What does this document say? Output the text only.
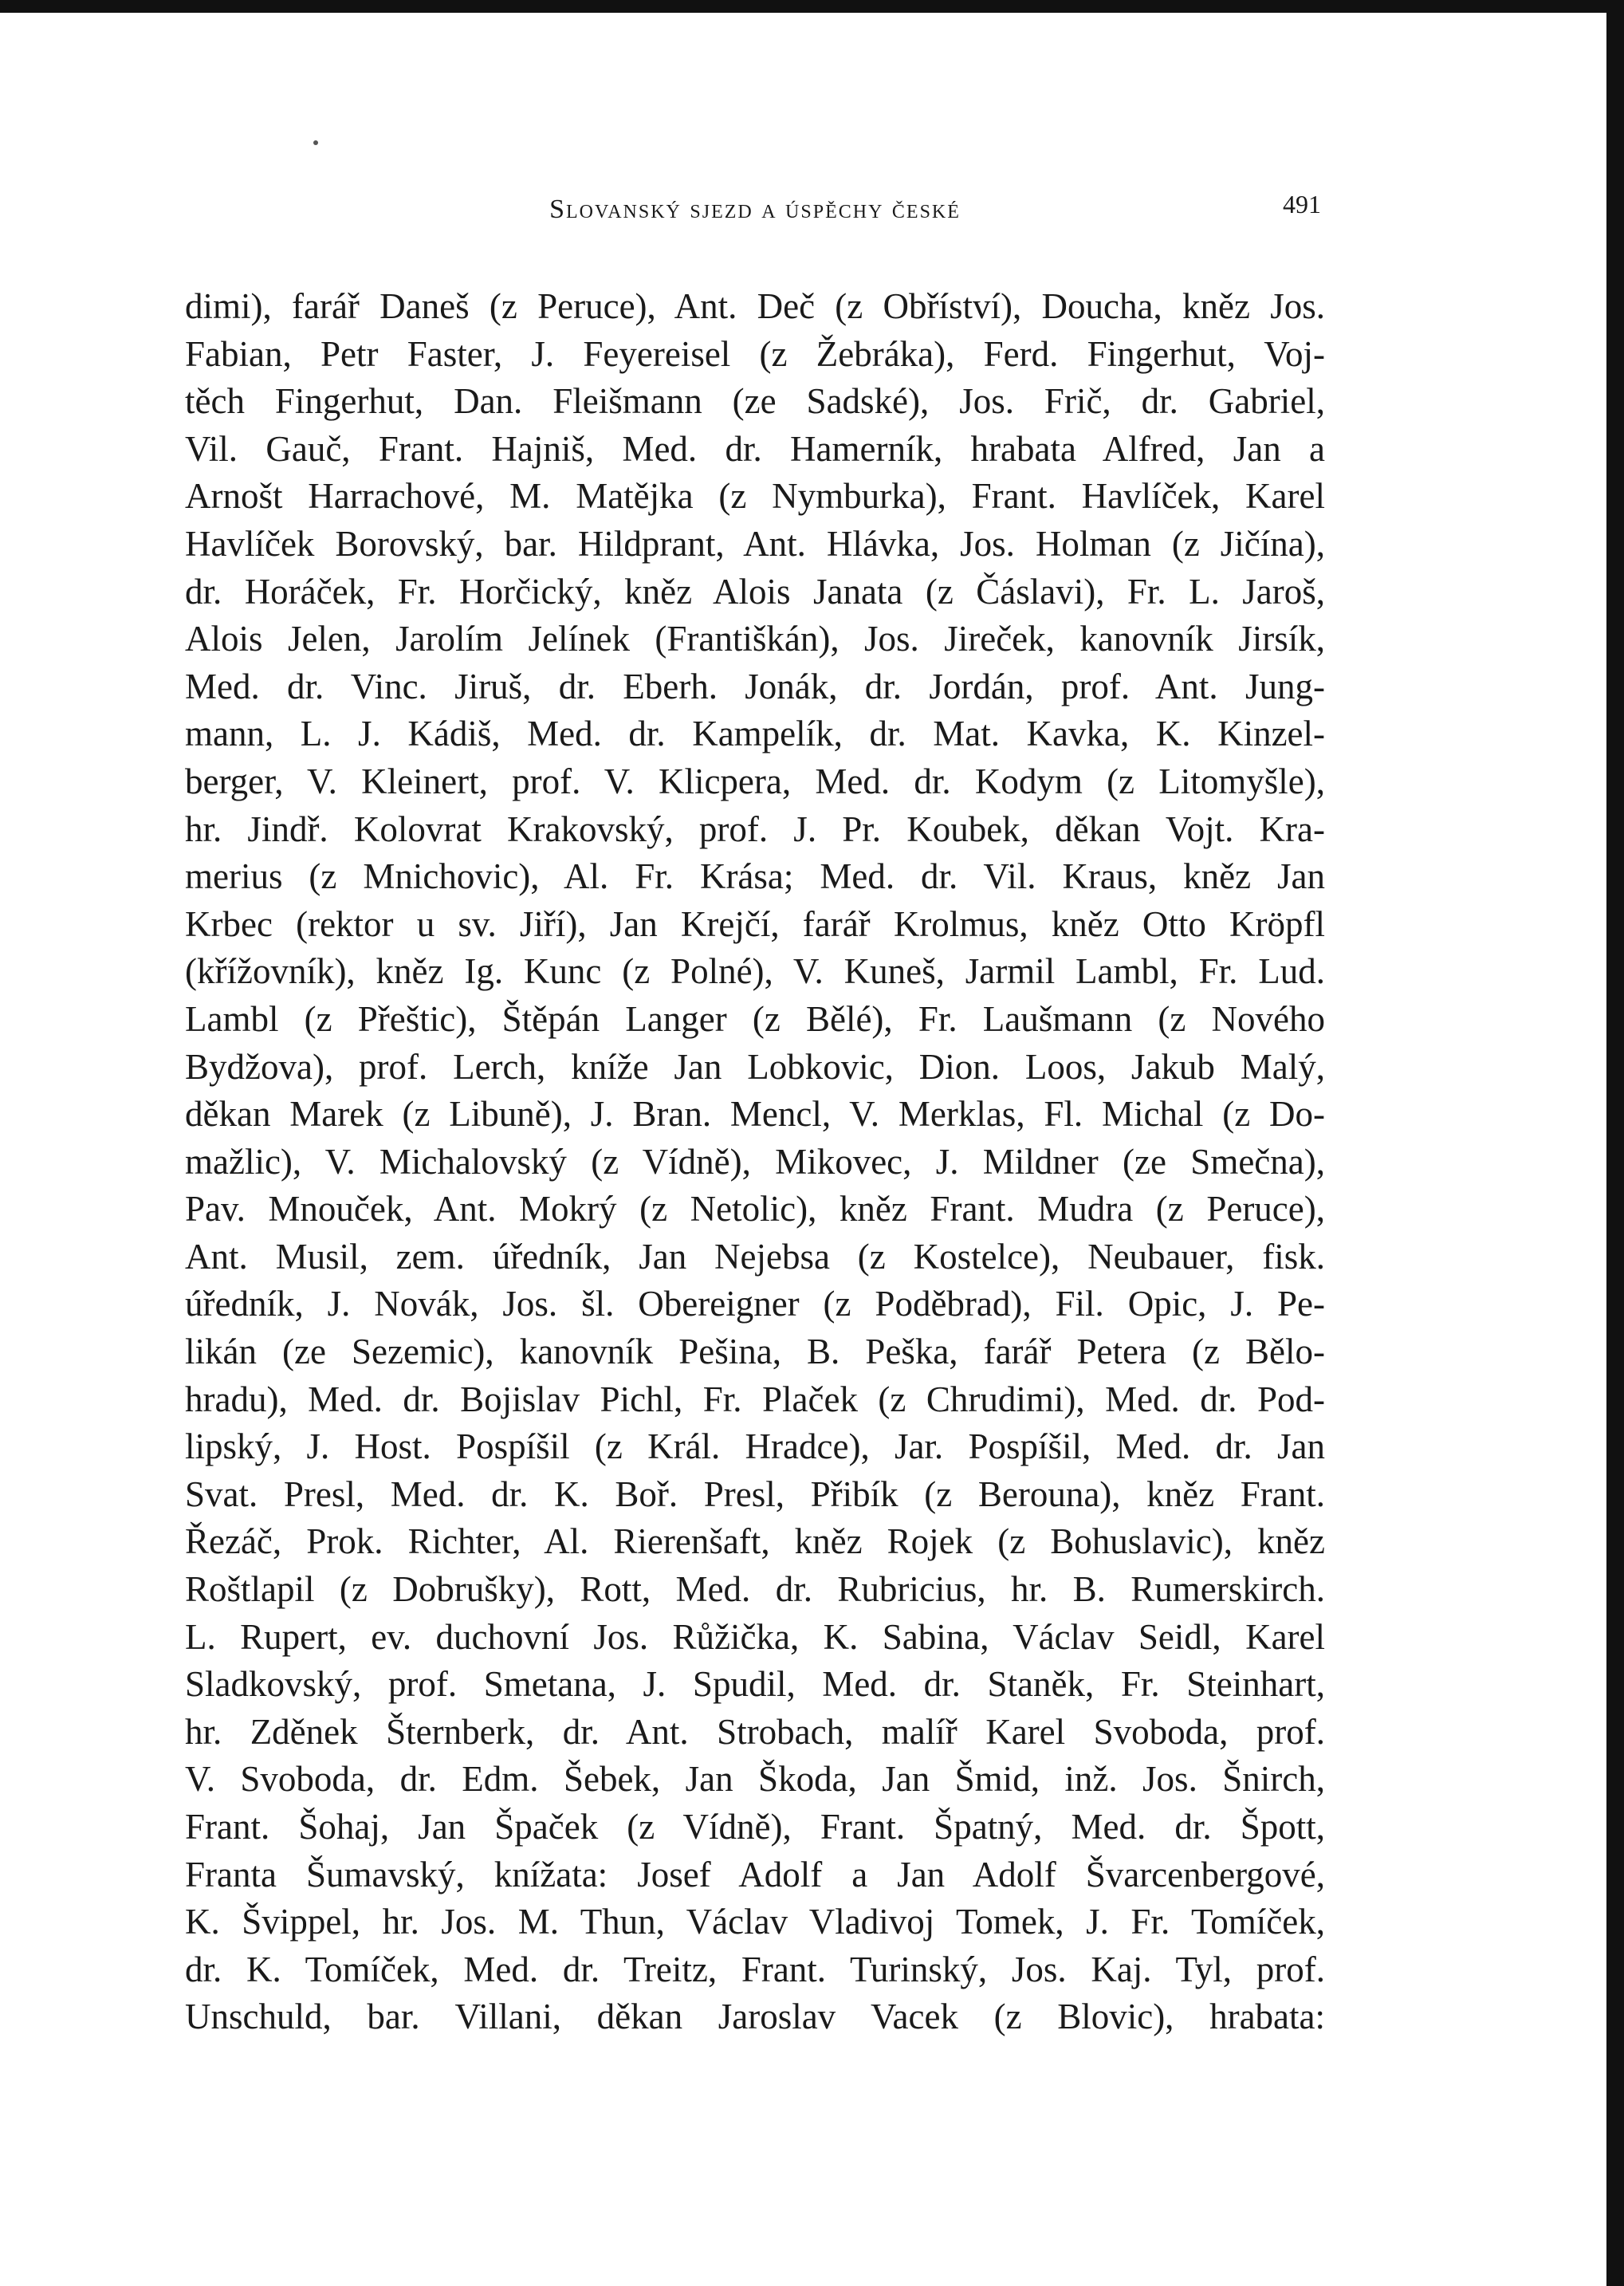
Slovanský sjezd a úspěchy české	491
dimi), farář Daneš (z Peruce), Ant. Deč (z Obříství), Doucha, kněz Jos.
Fabian, Petr Faster, J. Feyereisel (z Žebráka), Ferd. Fingerhut, Voj-
těch Fingerhut, Dan. Fleišmann (ze Sadské), Jos. Frič, dr. Gabriel,
Vil. Gauč, Frant. Hajniš, Med. dr. Hamerník, hrabata Alfred, Jan a
Arnošt Harrachové, M. Matějka (z Nymburka), Frant. Havlíček, Karel
Havlíček Borovský, bar. Hildprant, Ant. Hlávka, Jos. Holman (z Jičína),
dr. Horáček, Fr. Horčický, kněz Alois Janata (z Čáslavi), Fr. L. Jaroš,
Alois Jelen, Jarolím Jelínek (Františkán), Jos. Jireček, kanovník Jirsík,
Med. dr. Vinc. Jiruš, dr. Eberh. Jonák, dr. Jordán, prof. Ant. Jung-
mann, L. J. Kádiš, Med. dr. Kampelík, dr. Mat. Kavka, K. Kinzel-
berger, V. Kleinert, prof. V. Klicpera, Med. dr. Kodym (z Litomyšle),
hr. Jindř. Kolovrat Krakovský, prof. J. Pr. Koubek, děkan Vojt. Kra-
merius (z Mnichovic), Al. Fr. Krása; Med. dr. Vil. Kraus, kněz Jan
Krbec (rektor u sv. Jiří), Jan Krejčí, farář Krolmus, kněz Otto Kröpfl
(křížovník), kněz Ig. Kunc (z Polné), V. Kuneš, Jarmil Lambl, Fr. Lud.
Lambl (z Přeštic), Štěpán Langer (z Bělé), Fr. Laušmann (z Nového
Bydžova), prof. Lerch, kníže Jan Lobkovic, Dion. Loos, Jakub Malý,
děkan Marek (z Libuně), J. Bran. Mencl, V. Merklas, Fl. Michal (z Do-
mažlic), V. Michalovský (z Vídně), Mikovec, J. Mildner (ze Smečna),
Pav. Mnouček, Ant. Mokrý (z Netolic), kněz Frant. Mudra (z Peruce),
Ant. Musil, zem. úředník, Jan Nejebsa (z Kostelce), Neubauer, fisk.
úředník, J. Novák, Jos. šl. Obereigner (z Poděbrad), Fil. Opic, J. Pe-
likán (ze Sezemic), kanovník Pešina, B. Peška, farář Petera (z Bělo-
hradu), Med. dr. Bojislav Pichl, Fr. Plaček (z Chrudimi), Med. dr. Pod-
lipský, J. Host. Pospíšil (z Král. Hradce), Jar. Pospíšil, Med. dr. Jan
Svat. Presl, Med. dr. K. Boř. Presl, Přibík (z Berouna), kněz Frant.
Řezáč, Prok. Richter, Al. Rierenšaft, kněz Rojek (z Bohuslavic), kněz
Roštlapil (z Dobrušky), Rott, Med. dr. Rubricius, hr. B. Rumerskirch.
L. Rupert, ev. duchovní Jos. Růžička, K. Sabina, Václav Seidl, Karel
Sladkovský, prof. Smetana, J. Spudil, Med. dr. Staněk, Fr. Steinhart,
hr. Zděnek Šternberk, dr. Ant. Strobach, malíř Karel Svoboda, prof.
V. Svoboda, dr. Edm. Šebek, Jan Škoda, Jan Šmid, inž. Jos. Šnirch,
Frant. Šohaj, Jan Špaček (z Vídně), Frant. Špatný, Med. dr. Špott,
Franta Šumavský, knížata: Josef Adolf a Jan Adolf Švarcenbergové,
K. Švippel, hr. Jos. M. Thun, Václav Vladivoj Tomek, J. Fr. Tomíček,
dr. K. Tomíček, Med. dr. Treitz, Frant. Turinský, Jos. Kaj. Tyl, prof.
Unschuld, bar. Villani, děkan Jaroslav Vacek (z Blovic), hrabata:
